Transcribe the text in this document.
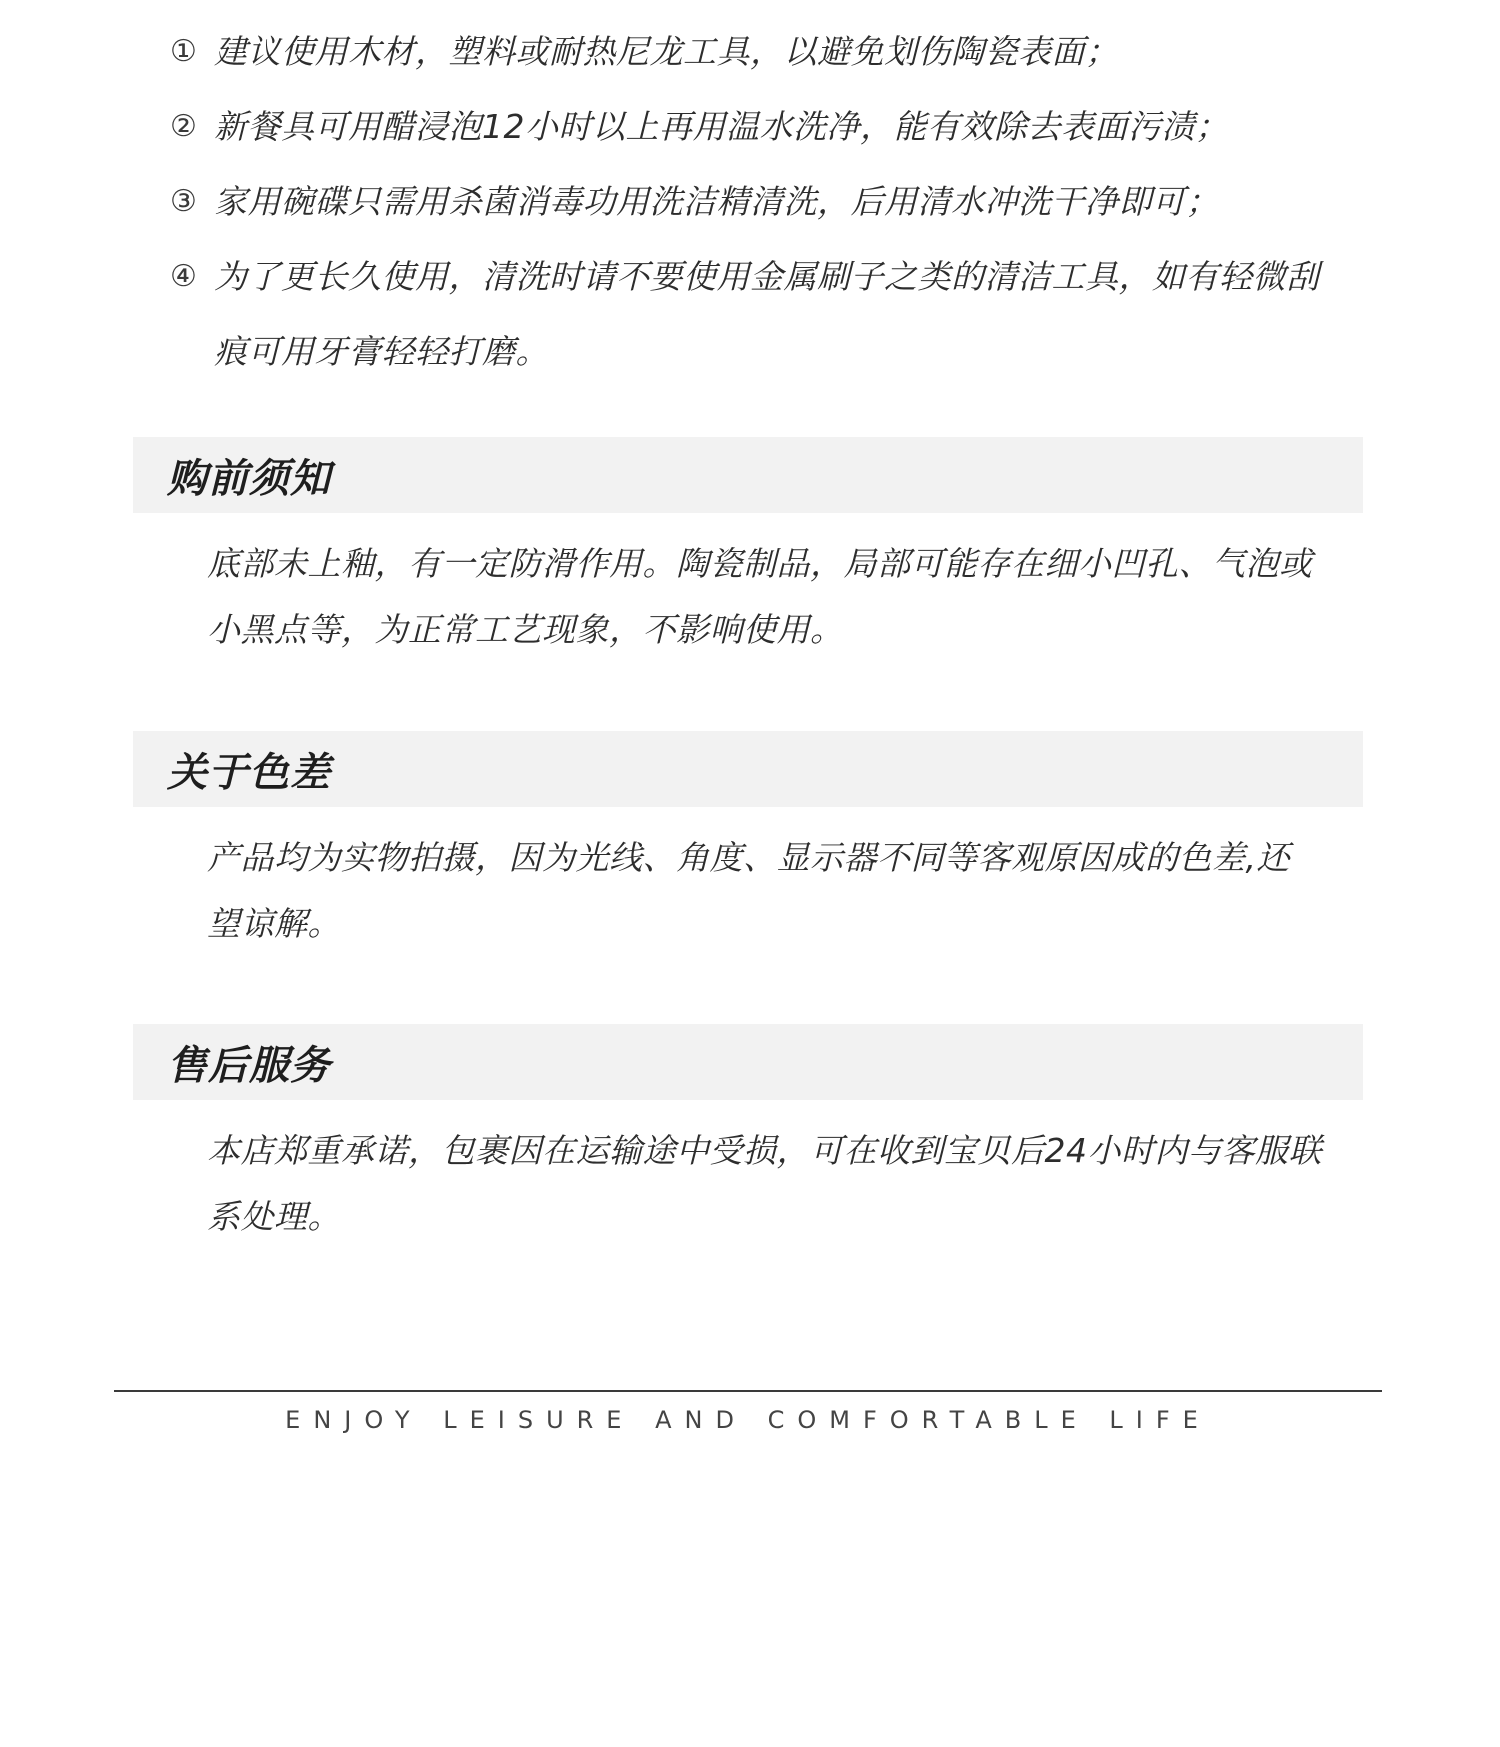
① 建议使用木材，塑料或耐热尼龙工具，以避免划伤陶瓷表面；
② 新餐具可用醋浸泡12小时以上再用温水洗净，能有效除去表面污渍；
③ 家用碗碟只需用杀菌消毒功用洗洁精清洗，后用清水冲洗干净即可；
④ 为了更长久使用，清洗时请不要使用金属刷子之类的清洁工具，如有轻微刮痕可用牙膏轻轻打磨。
购前须知
底部未上釉，有一定防滑作用。陶瓷制品，局部可能存在细小凹孔、气泡或小黑点等，为正常工艺现象，不影响使用。
关于色差
产品均为实物拍摄，因为光线、角度、显示器不同等客观原因成的色差,还望谅解。
售后服务
本店郑重承诺，包裹因在运输途中受损，可在收到宝贝后24小时内与客服联系处理。
ENJOY LEISURE AND COMFORTABLE LIFE
